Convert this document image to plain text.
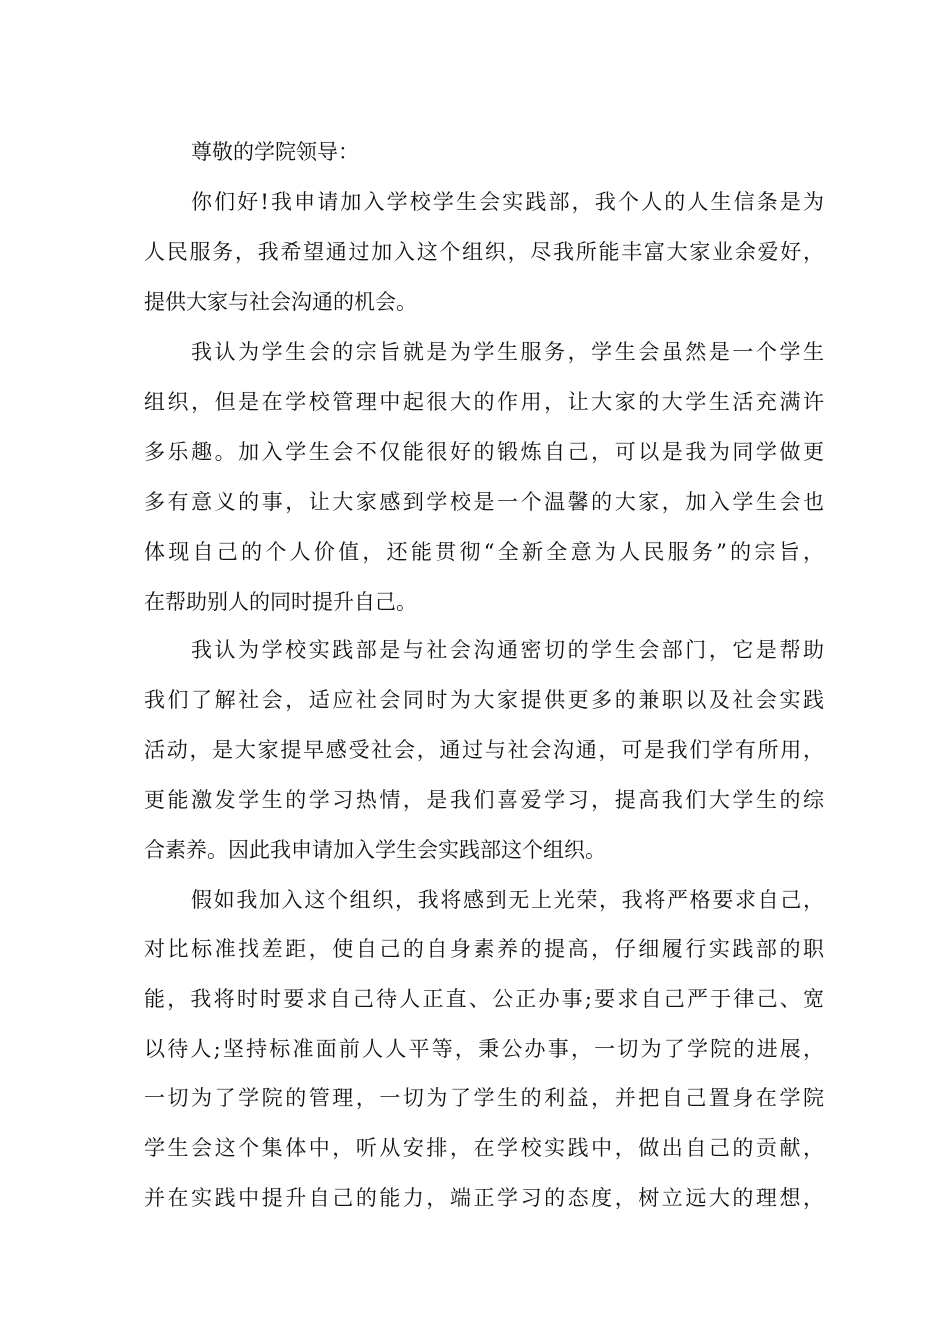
尊敬的学院领导：
你们好!我申请加入学校学生会实践部，我个人的人生信条是为
人民服务，我希望通过加入这个组织，尽我所能丰富大家业余爱好，
提供大家与社会沟通的机会。
我认为学生会的宗旨就是为学生服务，学生会虽然是一个学生
组织，但是在学校管理中起很大的作用，让大家的大学生活充满许
多乐趣。加入学生会不仅能很好的锻炼自己，可以是我为同学做更
多有意义的事，让大家感到学校是一个温馨的大家，加入学生会也
体现自己的个人价值，还能贯彻“全新全意为人民服务”的宗旨，
在帮助别人的同时提升自己。
我认为学校实践部是与社会沟通密切的学生会部门，它是帮助
我们了解社会，适应社会同时为大家提供更多的兼职以及社会实践
活动，是大家提早感受社会，通过与社会沟通，可是我们学有所用，
更能激发学生的学习热情，是我们喜爱学习，提高我们大学生的综
合素养。因此我申请加入学生会实践部这个组织。
假如我加入这个组织，我将感到无上光荣，我将严格要求自己，
对比标准找差距，使自己的自身素养的提高，仔细履行实践部的职
能，我将时时要求自己待人正直、公正办事;要求自己严于律己、宽
以待人;坚持标准面前人人平等，秉公办事，一切为了学院的进展，
一切为了学院的管理，一切为了学生的利益，并把自己置身在学院
学生会这个集体中，听从安排，在学校实践中，做出自己的贡献，
并在实践中提升自己的能力，端正学习的态度，树立远大的理想，
